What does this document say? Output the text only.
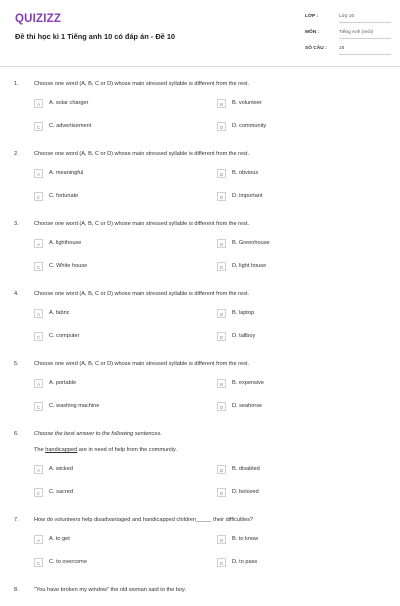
QUIZIZZ
Đề thi học kì 1 Tiếng anh 10 có đáp án - Đề 10
LỚP :	Lớp 10
MÔN :	Tiếng Anh (mới)
SỐ CÂU :	28
1.	Choose one word (A, B, C or D) whose main stressed syllable is different from the rest.
A	A. solar charger	B	B. volunteer
C	C. advertisement	D	D. community
2.	Choose one word (A, B, C or D) whose main stressed syllable is different from the rest.
A	A. meaningful	B	B. obvious
C	C. fortunate	D	D. important
3.	Choose one word (A, B, C or D) whose main stressed syllable is different from the rest.
A	A. lighthouse	B	B. Greenhouse
C	C. White house	D	D. light house
4.	Choose one word (A, B, C or D) whose main stressed syllable is different from the rest.
A	A. fabric	B	B. laptop
C	C. computer	D	D. tallboy
5.	Choose one word (A, B, C or D) whose main stressed syllable is different from the rest.
A	A. portable	B	B. expensive
C	C. washing machine	D	D. seahorse
6.	Choose the best answer to the following sentences.
The handicapped are in need of help from the community.
A	A. wicked	B	B. disabled
C	C. sacred	D	D. beloved
7.	How do volunteers help disadvantaged and handicapped children_____ their difficulties?
A	A. to get	B	B. to know
C	C. to overcome	D	D. to pass
8.	"You have broken my window" the old woman said to the boy.
